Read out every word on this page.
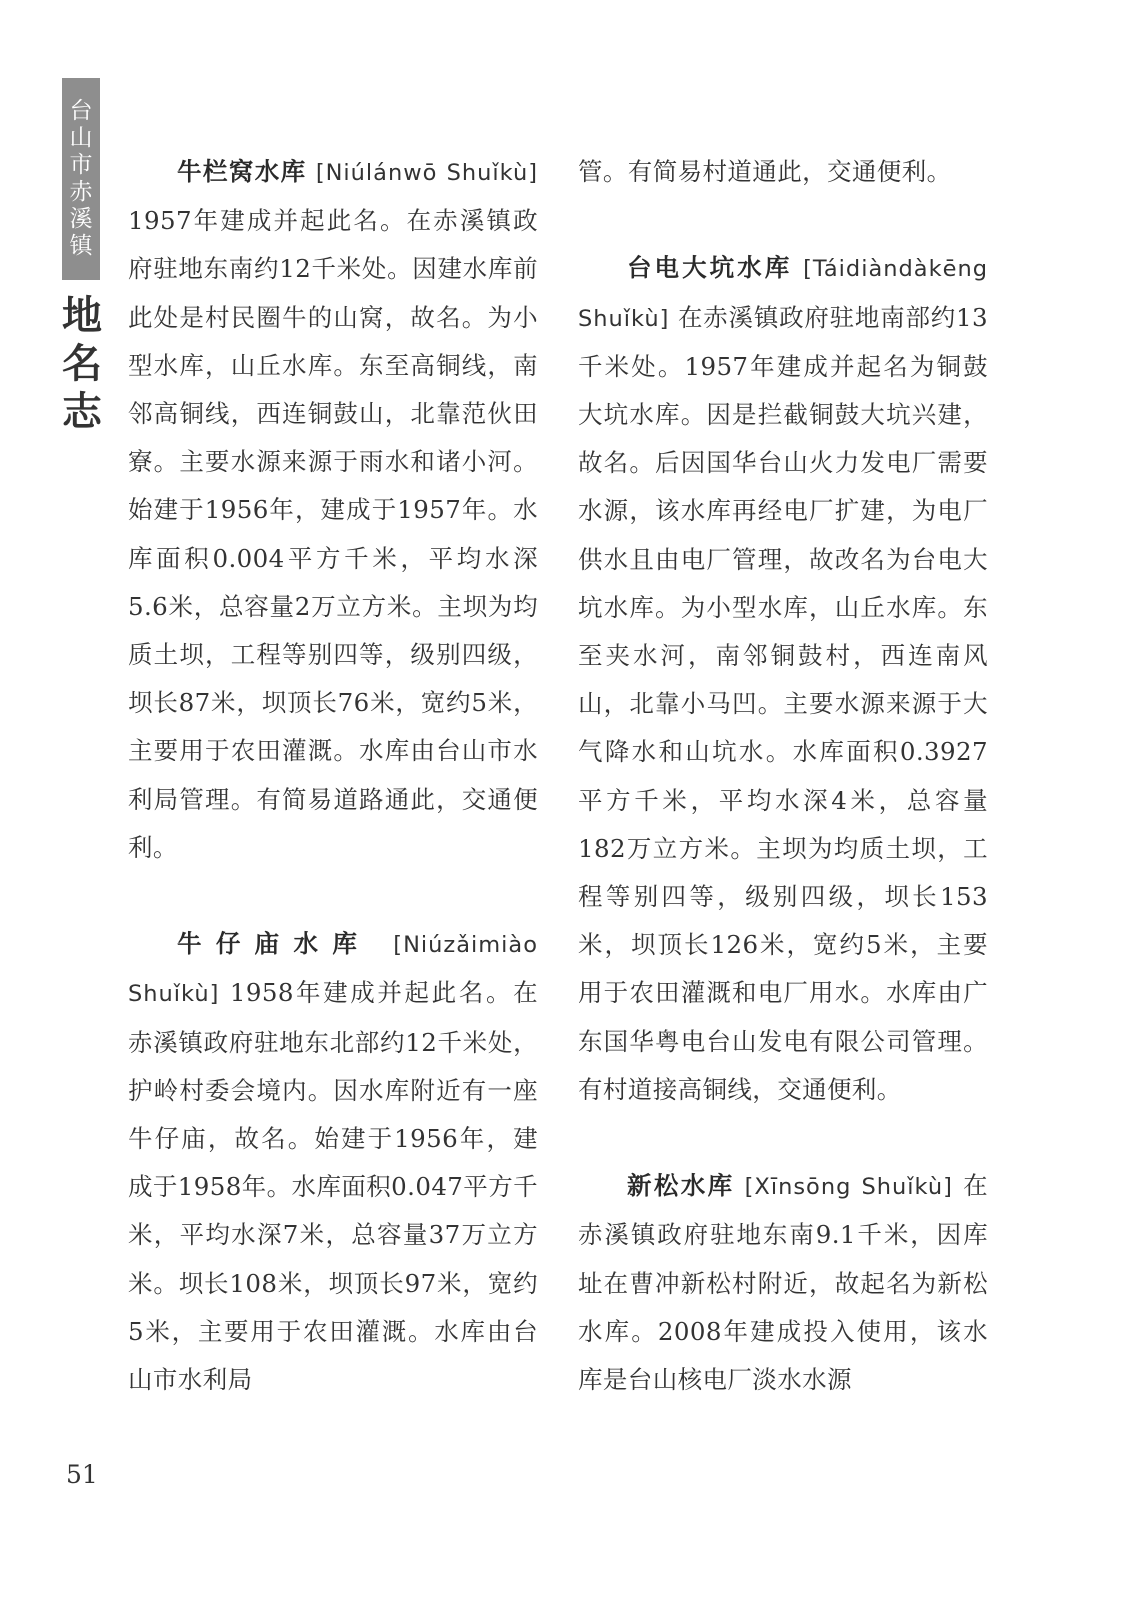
台
山
市
赤
溪
镇
地
名
志

牛栏窝水库 [Niúlánwō Shuǐkù] 1957年建成并起此名。在赤溪镇政府驻地东南约12千米处。因建水库前此处是村民圈牛的山窝，故名。为小型水库，山丘水库。东至高铜线，南邻高铜线，西连铜鼓山，北靠范伙田寮。主要水源来源于雨水和诸小河。始建于1956年，建成于1957年。水库面积0.004平方千米，平均水深5.6米，总容量2万立方米。主坝为均质土坝，工程等别四等，级别四级，坝长87米，坝顶长76米，宽约5米，主要用于农田灌溉。水库由台山市水利局管理。有简易道路通此，交通便利。

牛仔庙水库 [Niúzǎimiào Shuǐkù] 1958年建成并起此名。在赤溪镇政府驻地东北部约12千米处，护岭村委会境内。因水库附近有一座牛仔庙，故名。始建于1956年，建成于1958年。水库面积0.047平方千米，平均水深7米，总容量37万立方米。坝长108米，坝顶长97米，宽约5米，主要用于农田灌溉。水库由台山市水利局

管。有简易村道通此，交通便利。

台电大坑水库 [Táidiàndàkēng Shuǐkù] 在赤溪镇政府驻地南部约13千米处。1957年建成并起名为铜鼓大坑水库。因是拦截铜鼓大坑兴建，故名。后因国华台山火力发电厂需要水源，该水库再经电厂扩建，为电厂供水且由电厂管理，故改名为台电大坑水库。为小型水库，山丘水库。东至夹水河，南邻铜鼓村，西连南风山，北靠小马凹。主要水源来源于大气降水和山坑水。水库面积0.3927平方千米，平均水深4米，总容量182万立方米。主坝为均质土坝，工程等别四等，级别四级，坝长153米，坝顶长126米，宽约5米，主要用于农田灌溉和电厂用水。水库由广东国华粤电台山发电有限公司管理。有村道接高铜线，交通便利。

新松水库 [Xīnsōng Shuǐkù] 在赤溪镇政府驻地东南9.1千米，因库址在曹冲新松村附近，故起名为新松水库。2008年建成投入使用，该水库是台山核电厂淡水水源

51
